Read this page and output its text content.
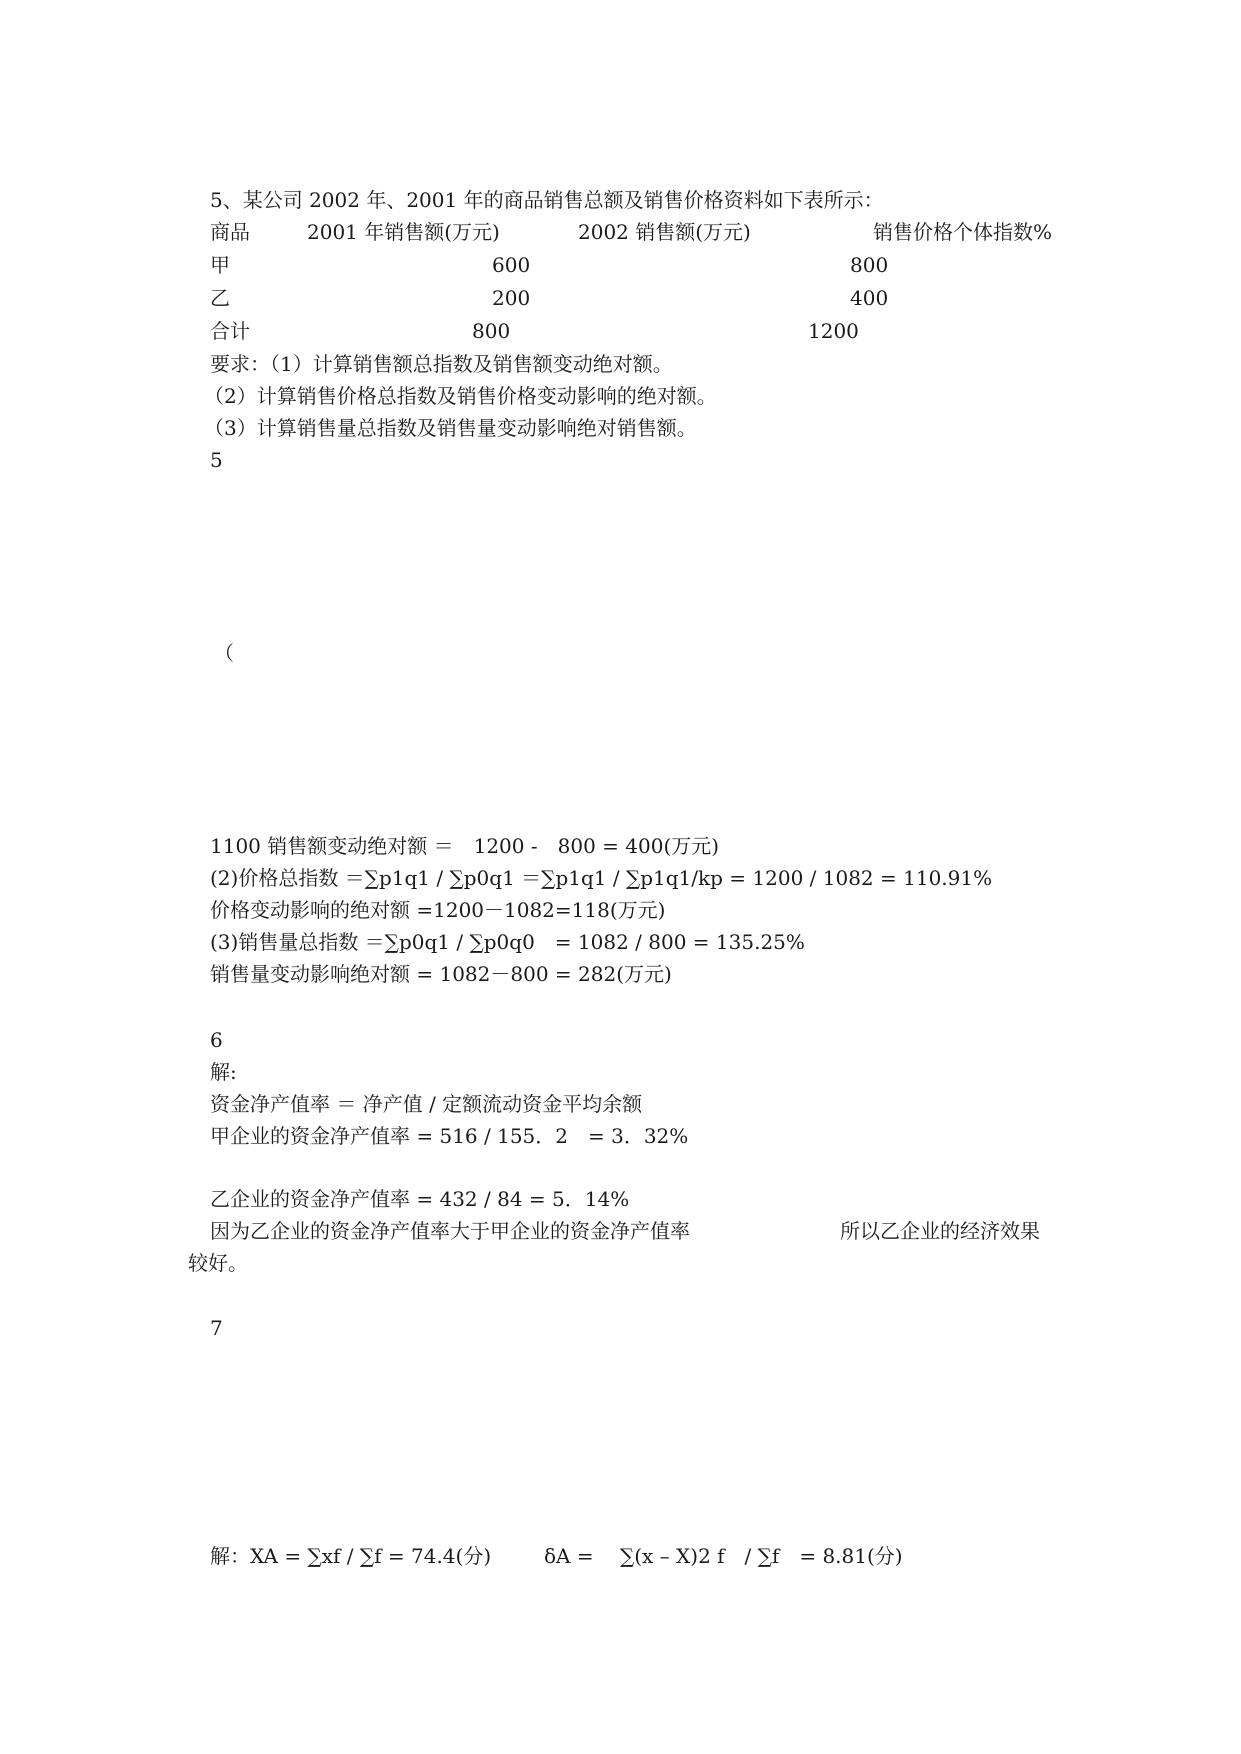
5、某公司 2002 年、2001 年的商品销售总额及销售价格资料如下表所示：
商品	2001 年销售额(万元)	2002 销售额(万元)	销售价格个体指数%
甲	600	800
乙	200	400
合计	800	1200
要求：（1）计算销售额总指数及销售额变动绝对额。
（2）计算销售价格总指数及销售价格变动影响的绝对额。
（3）计算销售量总指数及销售量变动影响绝对销售额。
5
（
1100 销售额变动绝对额 ＝　1200 -　800 = 400(万元)
(2)价格总指数 ＝∑p1q1 / ∑p0q1 ＝∑p1q1 / ∑p1q1/kp = 1200 / 1082 = 110.91%
价格变动影响的绝对额 =1200－1082=118(万元)
(3)销售量总指数 ＝∑p0q1 / ∑p0q0　= 1082 / 800 = 135.25%
销售量变动影响绝对额 = 1082－800 = 282(万元)
6
解:
资金净产值率 ＝ 净产值 / 定额流动资金平均余额
甲企业的资金净产值率 = 516 / 155．2　= 3．32%
乙企业的资金净产值率 = 432 / 84 = 5．14%
因为乙企业的资金净产值率大于甲企业的资金净产值率	所以乙企业的经济效果
较好。
7
解：XA = ∑xf / ∑f = 74.4(分)	δA =　 ∑(x – X)2 f　/ ∑f　= 8.81(分)
